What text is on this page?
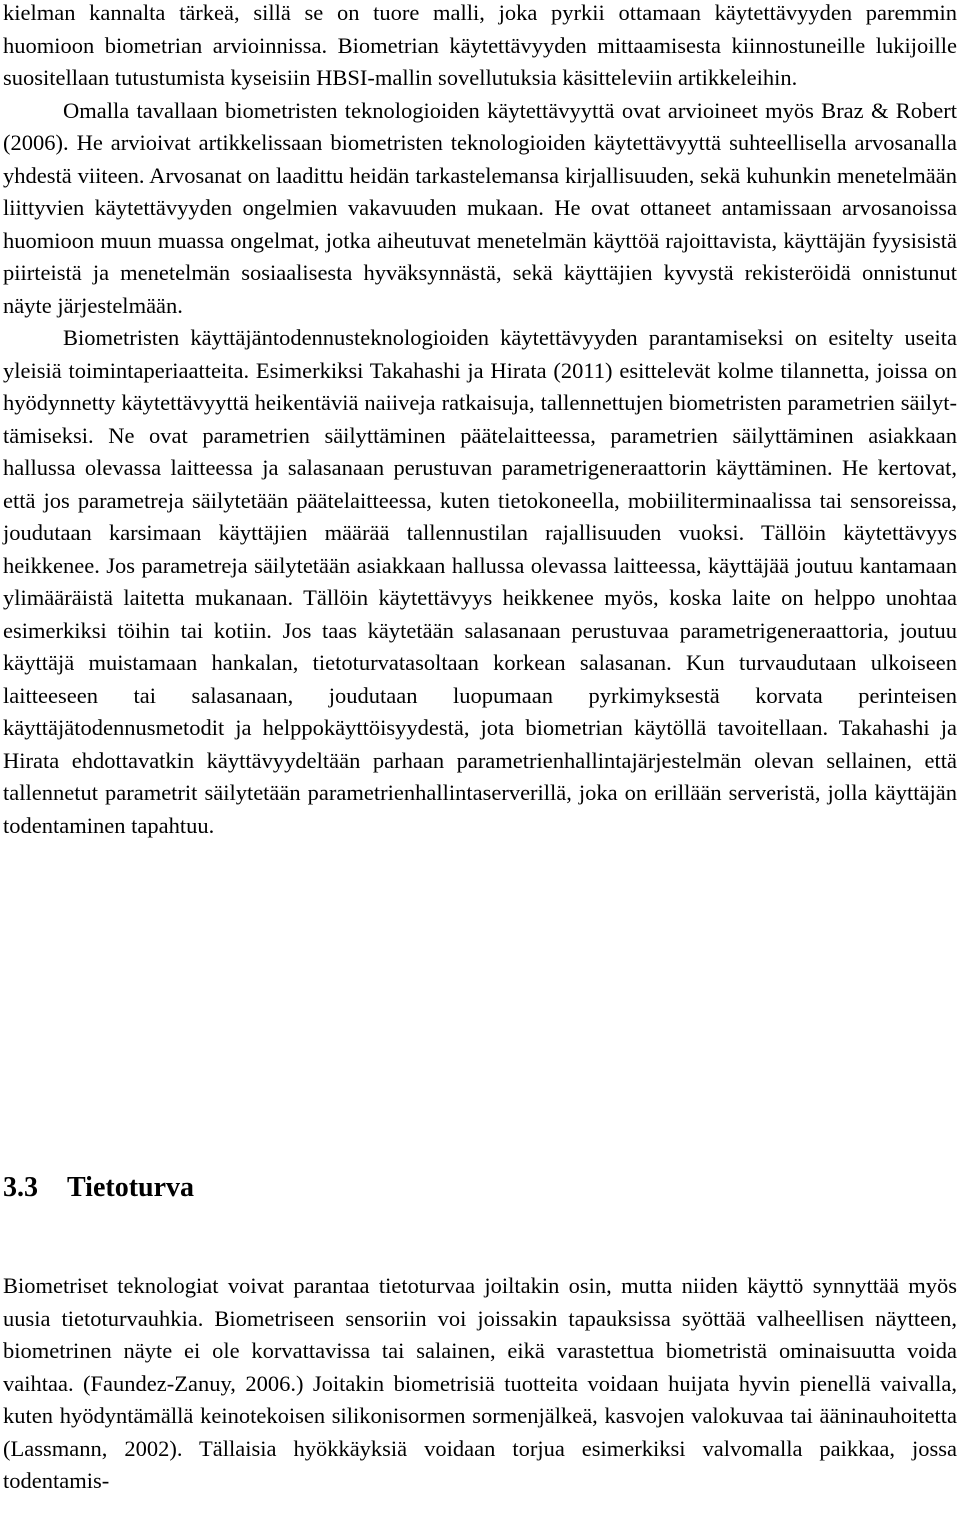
kielman kannalta tärkeä, sillä se on tuore malli, joka pyrkii ottamaan käytettävyyden paremmin huomioon biometrian arvioinnissa. Biometrian käytettävyyden mittaamisesta kiinnostuneille lukijoille suositellaan tutustumista kyseisiin HBSI-mallin sovellutuksia käsitteleviin artikkeleihin.

Omalla tavallaan biometristen teknologioiden käytettävyyttä ovat arvioineet myös Braz & Robert (2006). He arvioivat artikkelissaan biometristen teknologioiden käytettävyyttä suhteellisella arvosanalla yhdestä viiteen. Arvosanat on laadittu heidän tarkastelemansa kirjallisuuden, sekä kuhunkin menetelmään liittyvien käytettävyyden ongelmien vakavuuden mukaan. He ovat ottaneet antamissaan arvosanoissa huomioon muun muassa ongelmat, jotka aiheutuvat menetelmän käyttöä rajoittavista, käyttäjän fyysisistä piirteistä ja menetelmän sosiaalisesta hyväksynnästä, sekä käyttäjien kyvystä rekisteröidä onnistunut näyte järjestelmään.

Biometristen käyttäjäntodennusteknologioiden käytettävyyden parantamiseksi on esitelty useita yleisiä toimintaperiaatteita. Esimerkiksi Takahashi ja Hirata (2011) esittelevät kolme tilannetta, joissa on hyödynnetty käytettävyyttä heikentäviä naiiveja ratkaisuja, tallennettujen biometristen parametrien säilyttämiseksi. Ne ovat parametrien säilyttäminen päätelaitteessa, parametrien säilyttäminen asiakkaan hallussa olevassa laitteessa ja salasanaan perustuvan parametrigeneraattorin käyttäminen. He kertovat, että jos parametreja säilytetään päätelaitteessa, kuten tietokoneella, mobiiliterminaalissa tai sensoreissa, joudutaan karsimaan käyttäjien määrää tallennustilan rajallisuuden vuoksi. Tällöin käytettävyys heikkenee. Jos parametreja säilytetään asiakkaan hallussa olevassa laitteessa, käyttäjää joutuu kantamaan ylimääräistä laitetta mukanaan. Tällöin käytettävyys heikkenee myös, koska laite on helppo unohtaa esimerkiksi töihin tai kotiin. Jos taas käytetään salasanaan perustuvaa parametrigeneraattoria, joutuu käyttäjä muistamaan hankalan, tietoturvatasoltaan korkean salasanan. Kun turvaudutaan ulkoiseen laitteeseen tai salasanaan, joudutaan luopumaan pyrkimyksestä korvata perinteisen käyttäjätodennusmetodit ja helppokäyttöisyydestä, jota biometrian käytöllä tavoitellaan. Takahashi ja Hirata ehdottavatkin käyttävyydeltään parhaan parametrienhallintajärjestelmän olevan sellainen, että tallennetut parametrit säilytetään parametrienhallintaserverillä, joka on erillään serveristä, jolla käyttäjän todentaminen tapahtuu.

3.3 Tietoturva

Biometriset teknologiat voivat parantaa tietoturvaa joiltakin osin, mutta niiden käyttö synnyttää myös uusia tietoturvauhkia. Biometriseen sensoriin voi joissakin tapauksissa syöttää valheellisen näytteen, biometrinen näyte ei ole korvattavissa tai salainen, eikä varastettua biometristä ominaisuutta voida vaihtaa. (Faundez-Zanuy, 2006.) Joitakin biometrisiä tuotteita voidaan huijata hyvin pienellä vaivalla, kuten hyödyntämällä keinotekoisen silikonisormen sormenjälkeä, kasvojen valokuvaa tai ääninauhoitetta (Lassmann, 2002). Tällaisia hyökkäyksiä voidaan torjua esimerkiksi valvomalla paikkaa, jossa todentamis-
